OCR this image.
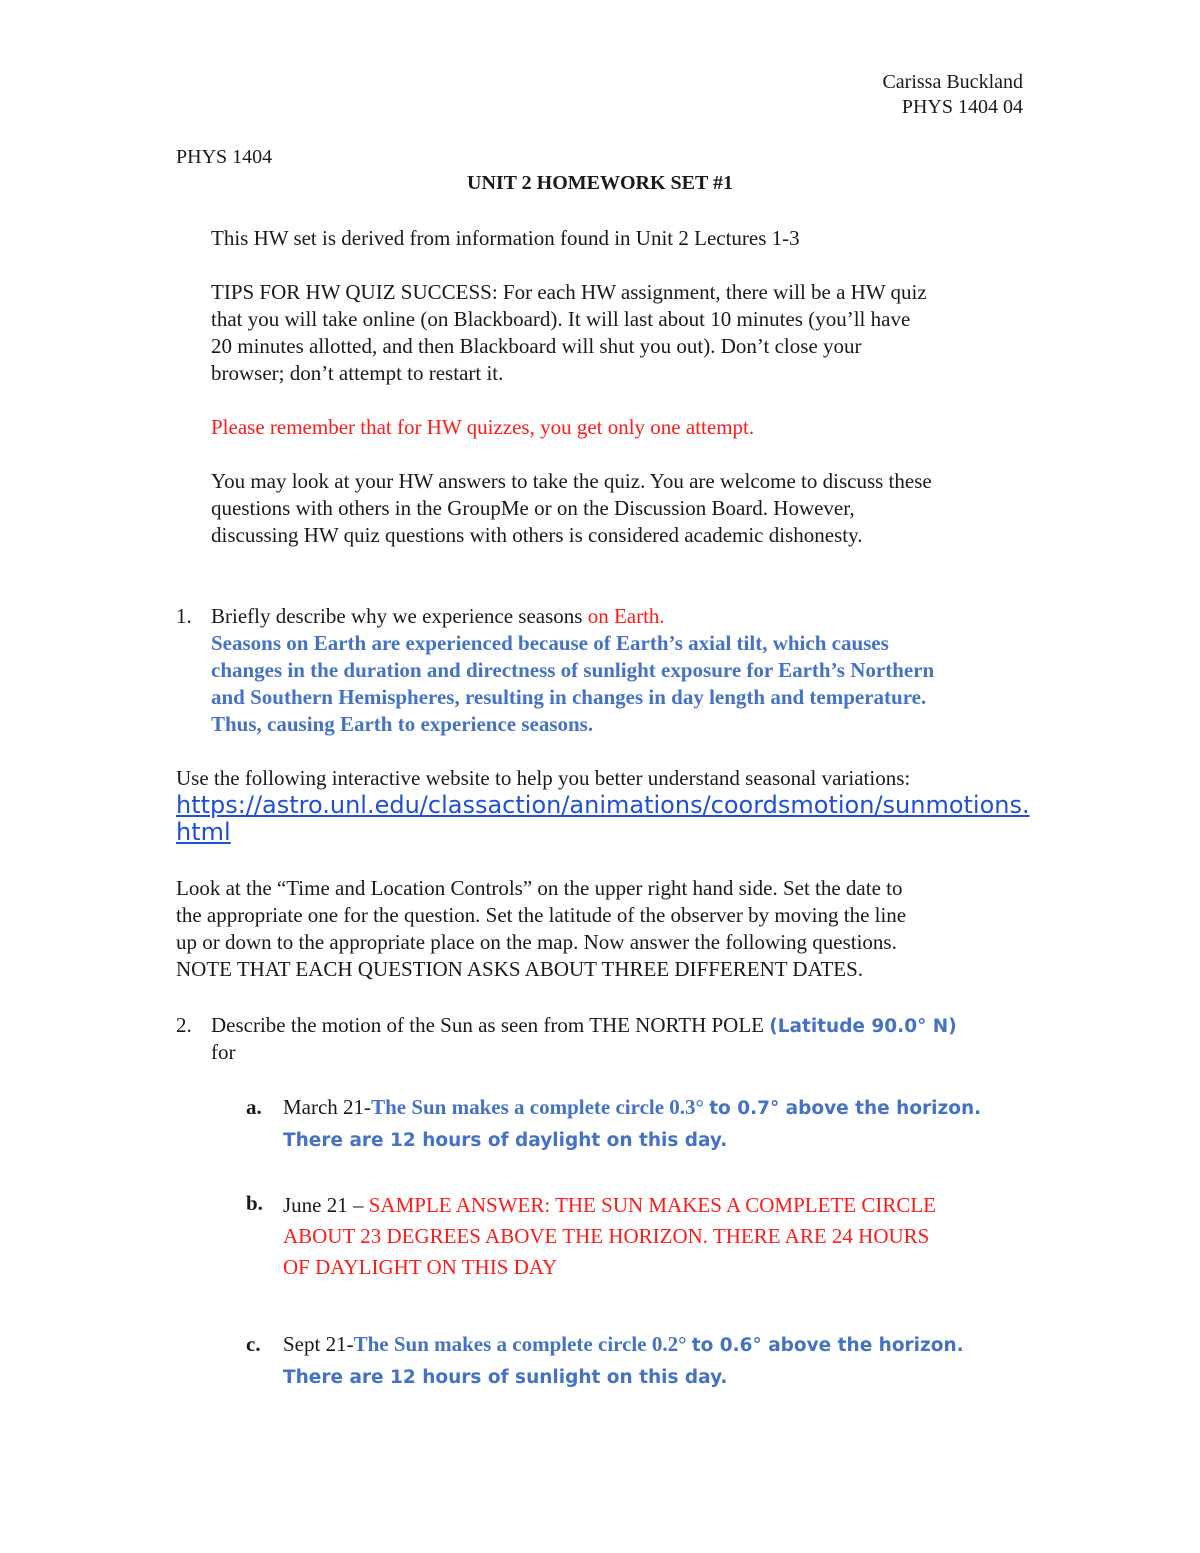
Carissa Buckland
PHYS 1404 04
PHYS 1404
UNIT 2 HOMEWORK SET #1
This HW set is derived from information found in Unit 2 Lectures 1-3
TIPS FOR HW QUIZ SUCCESS: For each HW assignment, there will be a HW quiz
that you will take online (on Blackboard). It will last about 10 minutes (you’ll have
20 minutes allotted, and then Blackboard will shut you out). Don’t close your
browser; don’t attempt to restart it.
Please remember that for HW quizzes, you get only one attempt.
You may look at your HW answers to take the quiz. You are welcome to discuss these
questions with others in the GroupMe or on the Discussion Board. However,
discussing HW quiz questions with others is considered academic dishonesty.
1. Briefly describe why we experience seasons on Earth.
Seasons on Earth are experienced because of Earth’s axial tilt, which causes
changes in the duration and directness of sunlight exposure for Earth’s Northern
and Southern Hemispheres, resulting in changes in day length and temperature.
Thus, causing Earth to experience seasons.
Use the following interactive website to help you better understand seasonal variations:
https://astro.unl.edu/classaction/animations/coordsmotion/sunmotions.
html
Look at the “Time and Location Controls” on the upper right hand side. Set the date to
the appropriate one for the question. Set the latitude of the observer by moving the line
up or down to the appropriate place on the map. Now answer the following questions.
NOTE THAT EACH QUESTION ASKS ABOUT THREE DIFFERENT DATES.
2. Describe the motion of the Sun as seen from THE NORTH POLE (Latitude 90.0° N)
for
a. March 21-The Sun makes a complete circle 0.3° to 0.7° above the horizon.
There are 12 hours of daylight on this day.
b. June 21 – SAMPLE ANSWER: THE SUN MAKES A COMPLETE CIRCLE
ABOUT 23 DEGREES ABOVE THE HORIZON. THERE ARE 24 HOURS
OF DAYLIGHT ON THIS DAY
c. Sept 21-The Sun makes a complete circle 0.2° to 0.6° above the horizon.
There are 12 hours of sunlight on this day.
